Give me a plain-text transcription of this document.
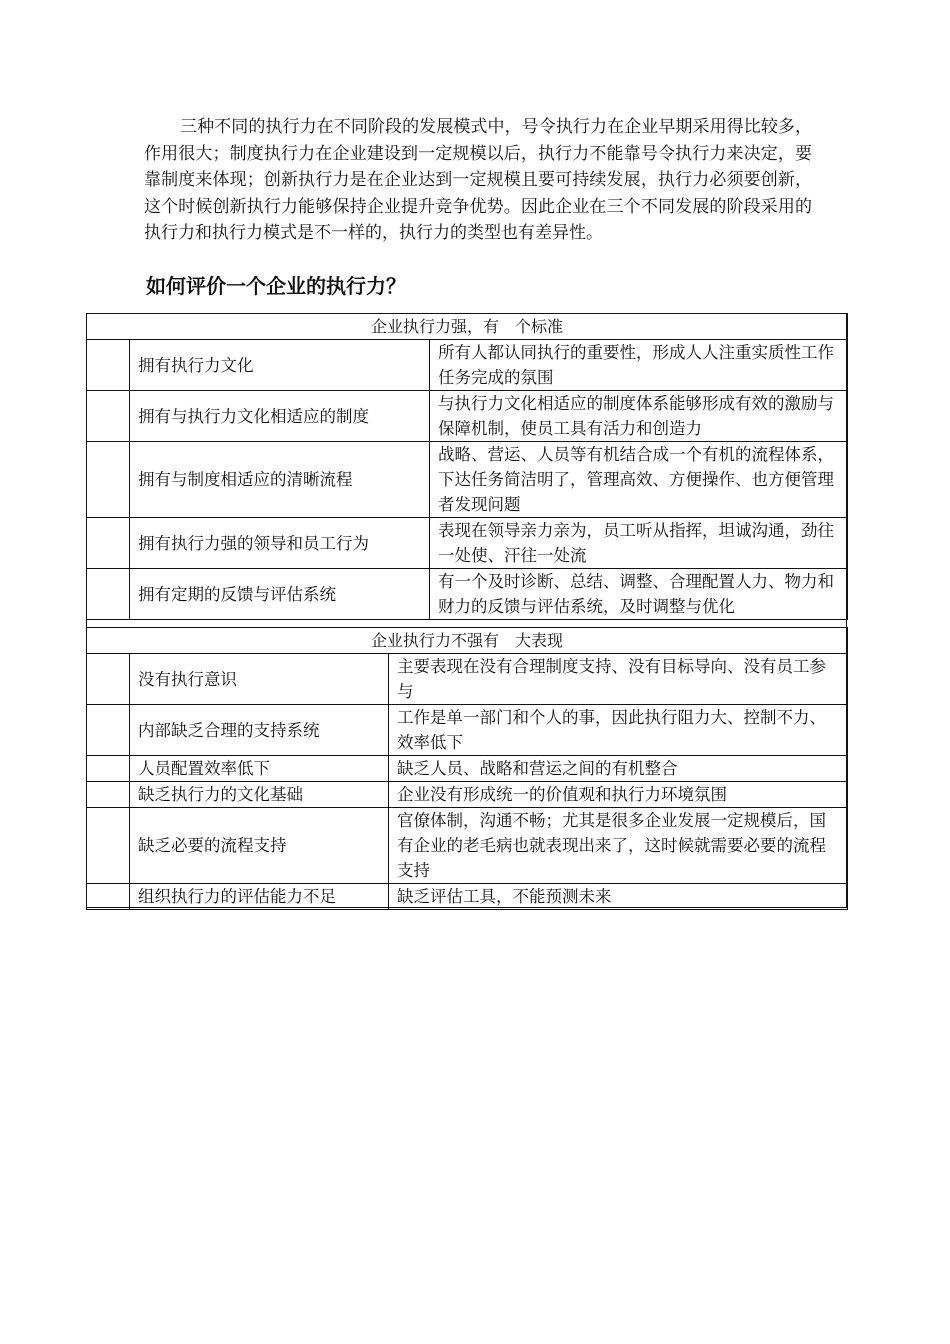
三种不同的执行力在不同阶段的发展模式中，号令执行力在企业早期采用得比较多，作用很大；制度执行力在企业建设到一定规模以后，执行力不能靠号令执行力来决定，要靠制度来体现；创新执行力是在企业达到一定规模且要可持续发展，执行力必须要创新，这个时候创新执行力能够保持企业提升竞争优势。因此企业在三个不同发展的阶段采用的执行力和执行力模式是不一样的，执行力的类型也有差异性。

如何评价一个企业的执行力？
企业执行力强，有　个标准		
	拥有执行力文化	所有人都认同执行的重要性，形成人人注重实质性工作任务完成的氛围
	拥有与执行力文化相适应的制度	与执行力文化相适应的制度体系能够形成有效的激励与保障机制，使员工具有活力和创造力
	拥有与制度相适应的清晰流程	战略、营运、人员等有机结合成一个有机的流程体系，下达任务简洁明了，管理高效、方便操作、也方便管理者发现问题
	拥有执行力强的领导和员工行为	表现在领导亲力亲为，员工听从指挥，坦诚沟通，劲往一处使、汗往一处流
	拥有定期的反馈与评估系统	有一个及时诊断、总结、调整、合理配置人力、物力和财力的反馈与评估系统，及时调整与优化
企业执行力不强有　大表现		
	没有执行意识	主要表现在没有合理制度支持、没有目标导向、没有员工参与
	内部缺乏合理的支持系统	工作是单一部门和个人的事，因此执行阻力大、控制不力、效率低下
	人员配置效率低下	缺乏人员、战略和营运之间的有机整合
	缺乏执行力的文化基础	企业没有形成统一的价值观和执行力环境氛围
	缺乏必要的流程支持	官僚体制，沟通不畅；尤其是很多企业发展一定规模后，国有企业的老毛病也就表现出来了，这时候就需要必要的流程支持
	组织执行力的评估能力不足	缺乏评估工具，不能预测未来
